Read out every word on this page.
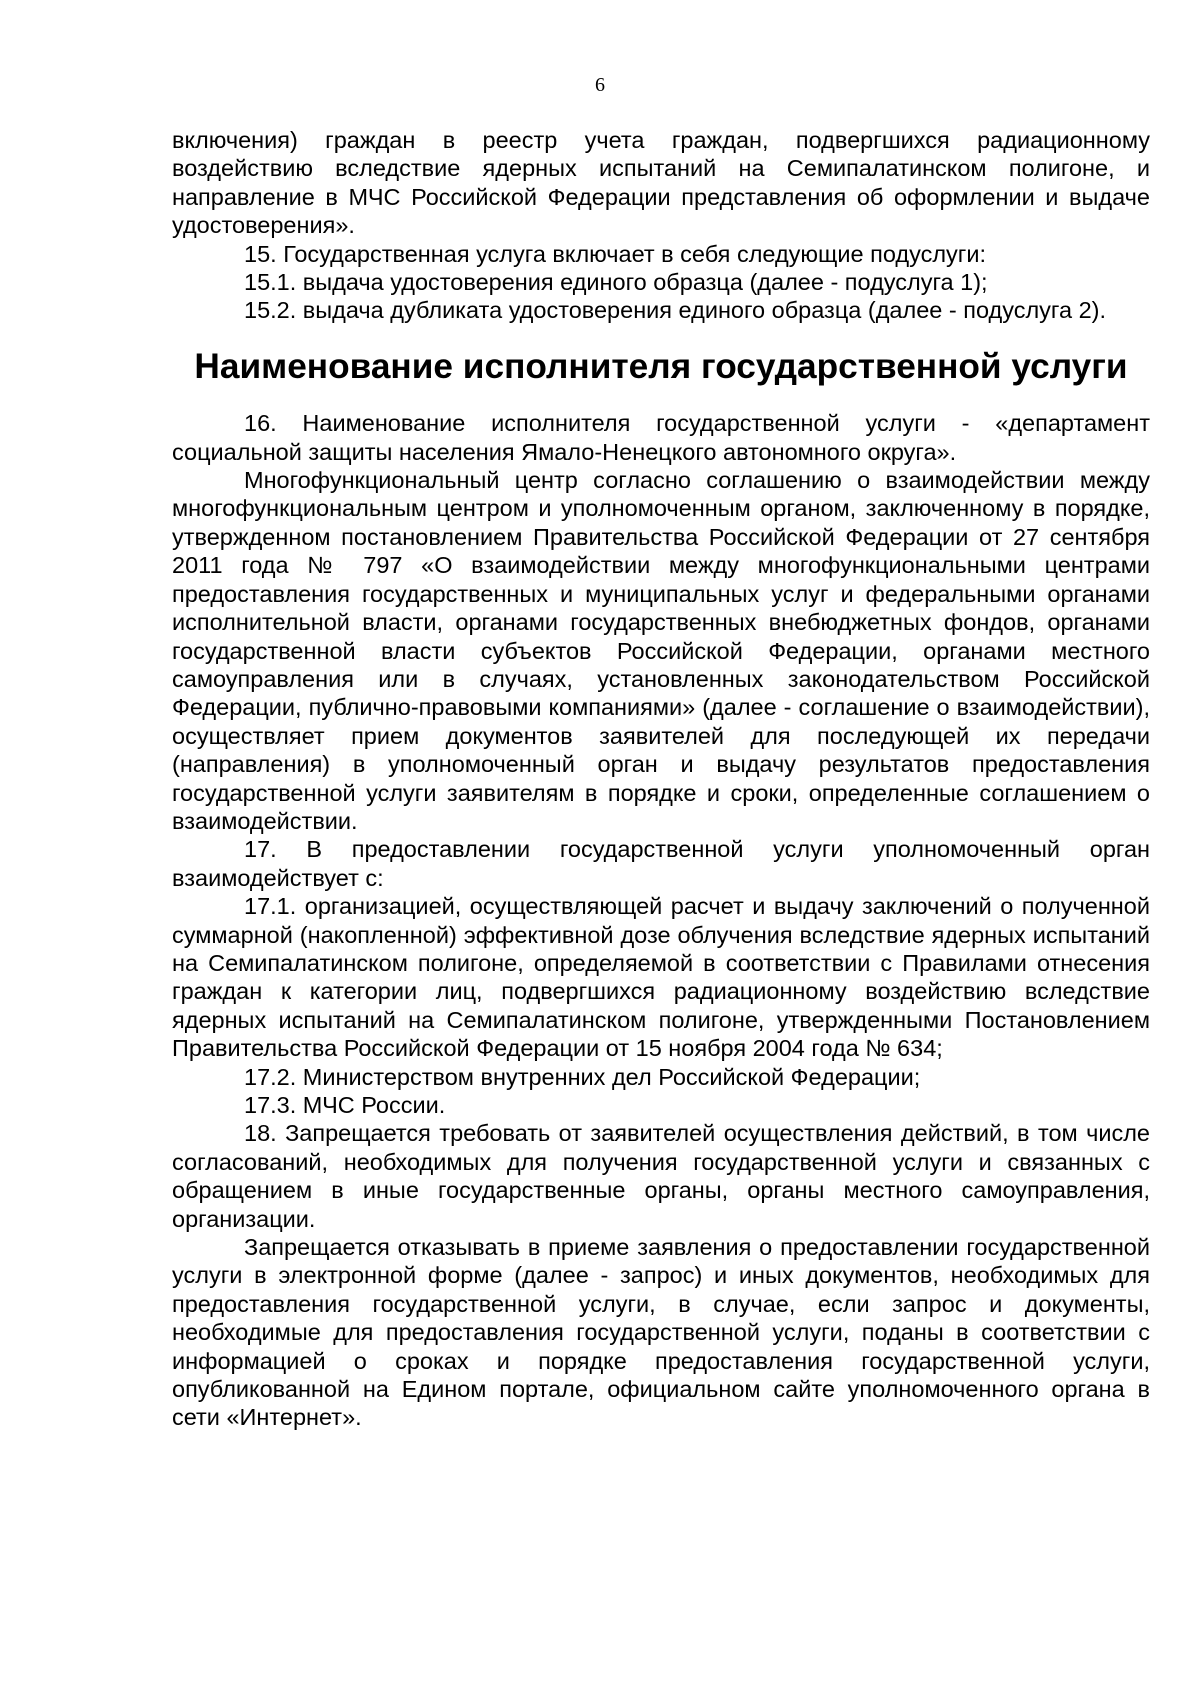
6

включения) граждан в реестр учета граждан, подвергшихся радиационному воздействию вследствие ядерных испытаний на Семипалатинском полигоне, и направление в МЧС Российской Федерации представления об оформлении и выдаче удостоверения».

15. Государственная услуга включает в себя следующие подуслуги:

15.1. выдача удостоверения единого образца (далее - подуслуга 1);

15.2. выдача дубликата удостоверения единого образца (далее - подуслуга 2).

Наименование исполнителя государственной услуги

16. Наименование исполнителя государственной услуги - «департамент социальной защиты населения Ямало-Ненецкого автономного округа».

Многофункциональный центр согласно соглашению о взаимодействии между многофункциональным центром и уполномоченным органом, заключенному в порядке, утвержденном постановлением Правительства Российской Федерации от 27 сентября 2011 года № 797 «О взаимодействии между многофункциональными центрами предоставления государственных и муниципальных услуг и федеральными органами исполнительной власти, органами государственных внебюджетных фондов, органами государственной власти субъектов Российской Федерации, органами местного самоуправления или в случаях, установленных законодательством Российской Федерации, публично-правовыми компаниями» (далее - соглашение о взаимодействии), осуществляет прием документов заявителей для последующей их передачи (направления) в уполномоченный орган и выдачу результатов предоставления государственной услуги заявителям в порядке и сроки, определенные соглашением о взаимодействии.

17. В предоставлении государственной услуги уполномоченный орган взаимодействует с:

17.1. организацией, осуществляющей расчет и выдачу заключений о полученной суммарной (накопленной) эффективной дозе облучения вследствие ядерных испытаний на Семипалатинском полигоне, определяемой в соответствии с Правилами отнесения граждан к категории лиц, подвергшихся радиационному воздействию вследствие ядерных испытаний на Семипалатинском полигоне, утвержденными Постановлением Правительства Российской Федерации от 15 ноября 2004 года № 634;

17.2. Министерством внутренних дел Российской Федерации;

17.3. МЧС России.

18. Запрещается требовать от заявителей осуществления действий, в том числе согласований, необходимых для получения государственной услуги и связанных с обращением в иные государственные органы, органы местного самоуправления, организации.

Запрещается отказывать в приеме заявления о предоставлении государственной услуги в электронной форме (далее - запрос) и иных документов, необходимых для предоставления государственной услуги, в случае, если запрос и документы, необходимые для предоставления государственной услуги, поданы в соответствии с информацией о сроках и порядке предоставления государственной услуги, опубликованной на Едином портале, официальном сайте уполномоченного органа в сети «Интернет».
